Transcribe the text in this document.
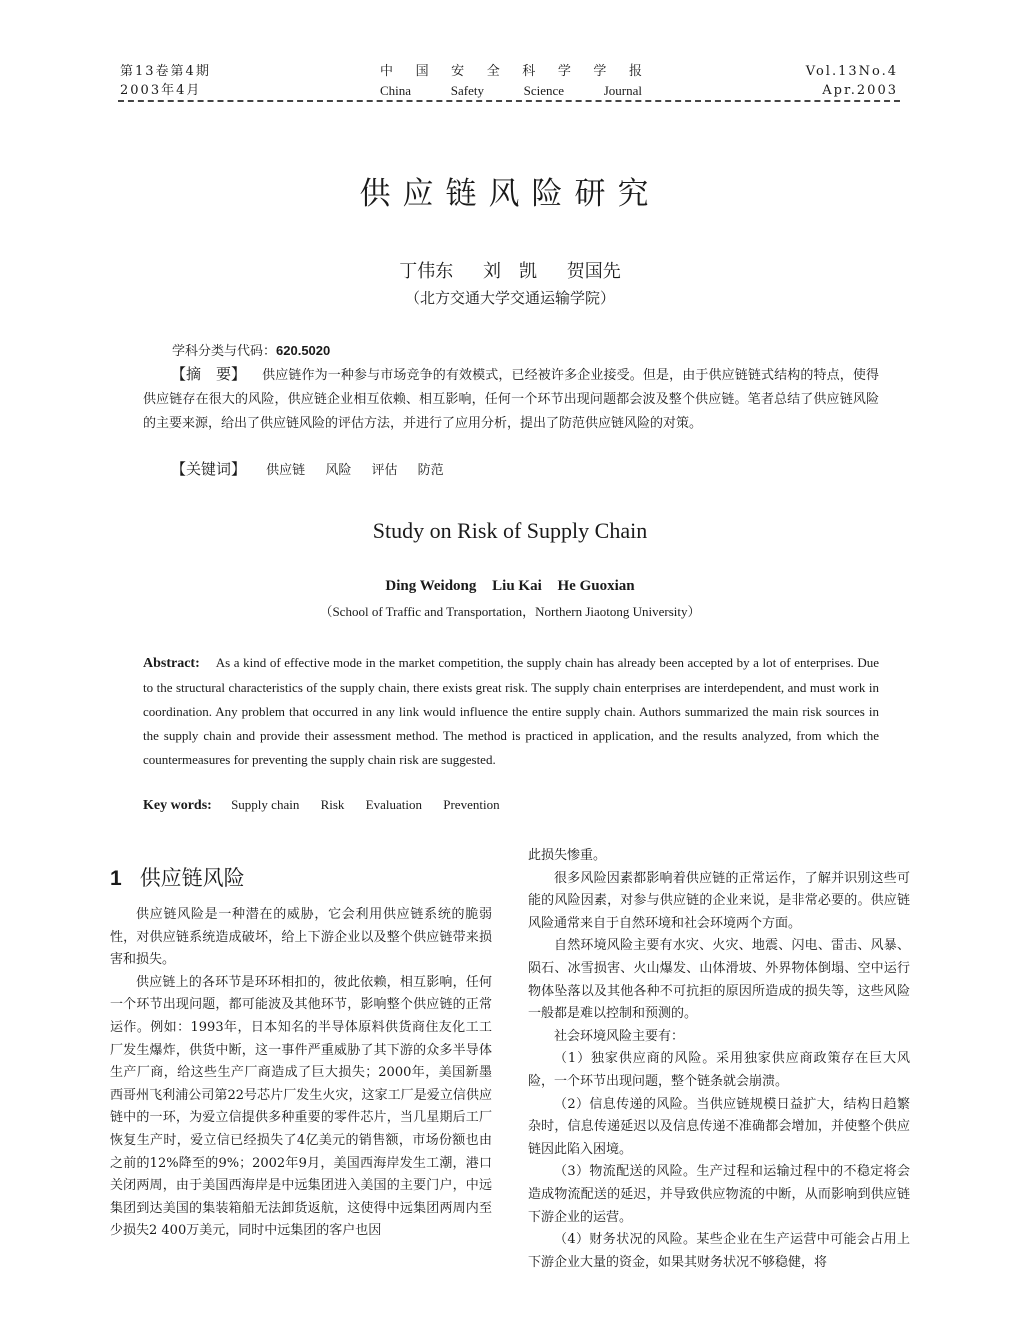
第13卷第4期
2003年4月
中 国 安 全 科 学 学 报
China	Safety	Science	Journal
Vol.13No.4
Apr.2003
供应链风险研究
丁伟东 刘　凯 贺国先
（北方交通大学交通运输学院）
学科分类与代码：620.5020
【摘　要】 供应链作为一种参与市场竞争的有效模式，已经被许多企业接受。但是，由于供应链链式结构的特点，使得供应链存在很大的风险，供应链企业相互依赖、相互影响，任何一个环节出现问题都会波及整个供应链。笔者总结了供应链风险的主要来源，给出了供应链风险的评估方法，并进行了应用分析，提出了防范供应链风险的对策。
【关键词】 供应链 风险 评估 防范
Study on Risk of Supply Chain
Ding Weidong Liu Kai He Guoxian
（School of Traffic and Transportation，Northern Jiaotong University）
Abstract: As a kind of effective mode in the market competition, the supply chain has already been accepted by a lot of enterprises. Due to the structural characteristics of the supply chain, there exists great risk. The supply chain enterprises are interdependent, and must work in coordination. Any problem that occurred in any link would influence the entire supply chain. Authors summarized the main risk sources in the supply chain and provide their assessment method. The method is practiced in application, and the results analyzed, from which the countermeasures for preventing the supply chain risk are suggested.
Key words: Supply chain Risk Evaluation Prevention
1 供应链风险

供应链风险是一种潜在的威胁，它会利用供应链系统的脆弱性，对供应链系统造成破坏，给上下游企业以及整个供应链带来损害和损失。

供应链上的各环节是环环相扣的，彼此依赖，相互影响，任何一个环节出现问题，都可能波及其他环节，影响整个供应链的正常运作。例如：1993年，日本知名的半导体原料供货商住友化工工厂发生爆炸，供货中断，这一事件严重威胁了其下游的众多半导体生产厂商，给这些生产厂商造成了巨大损失；2000年，美国新墨西哥州飞利浦公司第22号芯片厂发生火灾，这家工厂是爱立信供应链中的一环，为爱立信提供多种重要的零件芯片，当几星期后工厂恢复生产时，爱立信已经损失了4亿美元的销售额，市场份额也由之前的12%降至的9%；2002年9月，美国西海岸发生工潮，港口关闭两周，由于美国西海岸是中远集团进入美国的主要门户，中远集团到达美国的集装箱船无法卸货返航，这使得中远集团两周内至少损失2 400万美元，同时中远集团的客户也因

此损失惨重。

很多风险因素都影响着供应链的正常运作，了解并识别这些可能的风险因素，对参与供应链的企业来说，是非常必要的。供应链风险通常来自于自然环境和社会环境两个方面。

自然环境风险主要有水灾、火灾、地震、闪电、雷击、风暴、陨石、冰雪损害、火山爆发、山体滑坡、外界物体倒塌、空中运行物体坠落以及其他各种不可抗拒的原因所造成的损失等，这些风险一般都是难以控制和预测的。

社会环境风险主要有：

（1）独家供应商的风险。采用独家供应商政策存在巨大风险，一个环节出现问题，整个链条就会崩溃。

（2）信息传递的风险。当供应链规模日益扩大，结构日趋繁杂时，信息传递延迟以及信息传递不准确都会增加，并使整个供应链因此陷入困境。

（3）物流配送的风险。生产过程和运输过程中的不稳定将会造成物流配送的延迟，并导致供应物流的中断，从而影响到供应链下游企业的运营。

（4）财务状况的风险。某些企业在生产运营中可能会占用上下游企业大量的资金，如果其财务状况不够稳健，将
